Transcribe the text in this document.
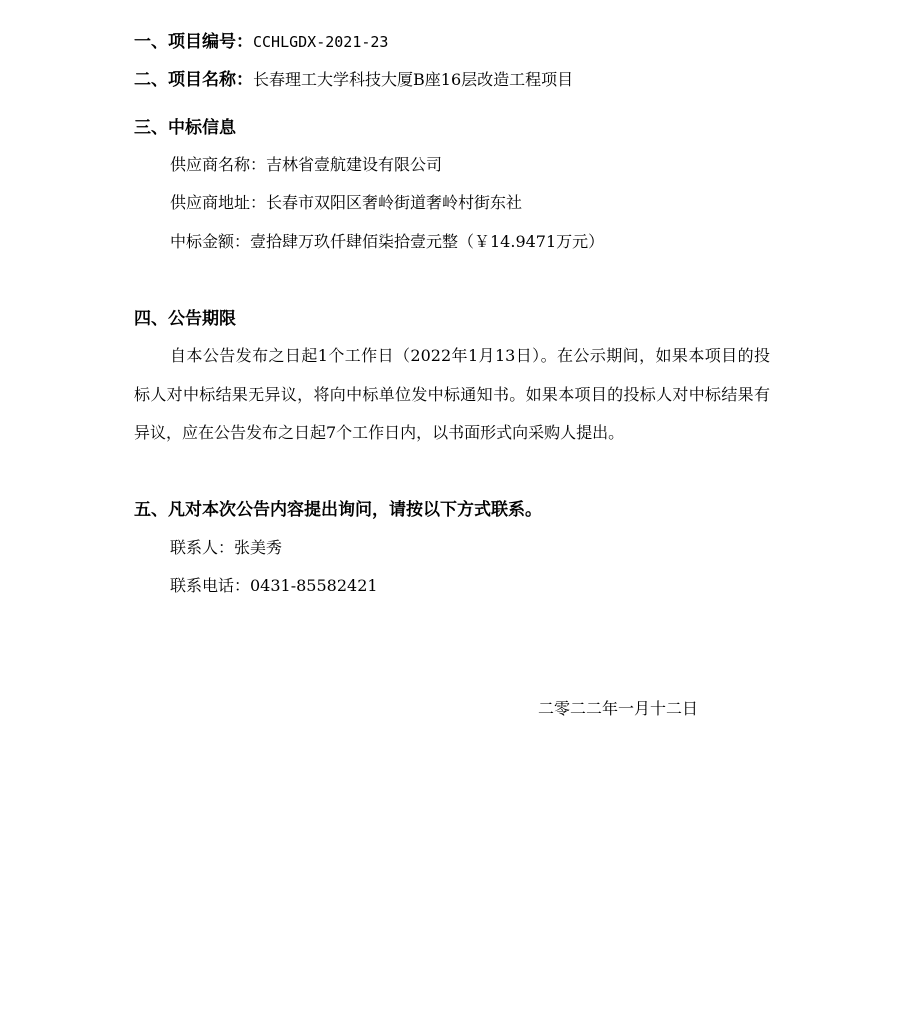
一、项目编号：CCHLGDX-2021-23
二、项目名称：长春理工大学科技大厦B座16层改造工程项目
三、中标信息
供应商名称：吉林省壹航建设有限公司
供应商地址：长春市双阳区奢岭街道奢岭村街东社
中标金额：壹拾肆万玖仟肆佰柒拾壹元整（￥14.9471万元）
四、公告期限
自本公告发布之日起1个工作日（2022年1月13日）。在公示期间，如果本项目的投标人对中标结果无异议，将向中标单位发中标通知书。如果本项目的投标人对中标结果有异议，应在公告发布之日起7个工作日内，以书面形式向采购人提出。
五、凡对本次公告内容提出询问，请按以下方式联系。
联系人：张美秀
联系电话：0431-85582421
二零二二年一月十二日
